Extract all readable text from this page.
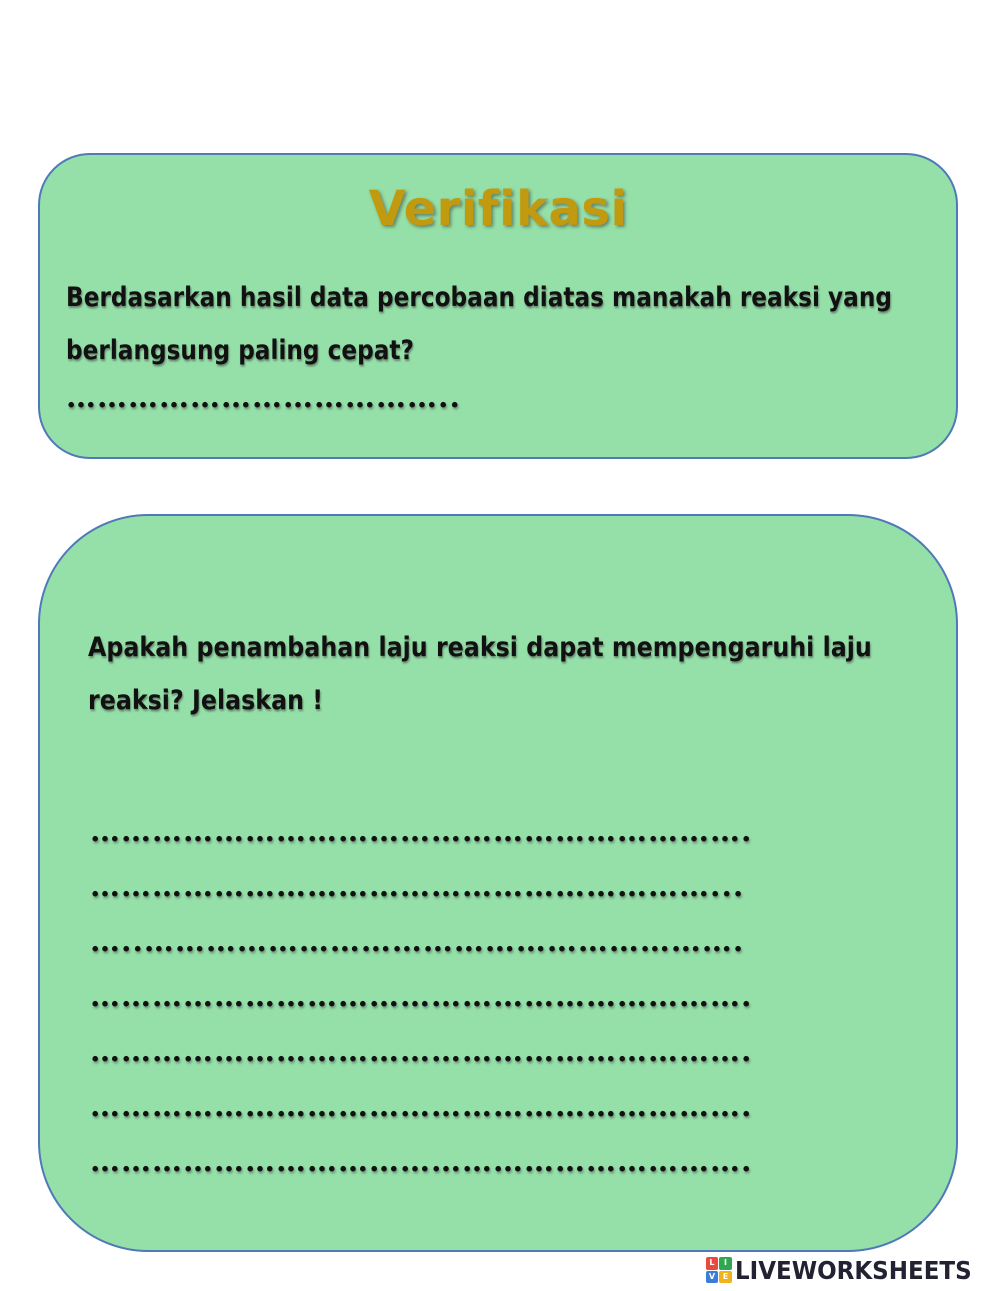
Verifikasi
Berdasarkan hasil data percobaan diatas manakah reaksi yang
berlangsung paling cepat?
………………………………..
Apakah penambahan laju reaksi dapat mempengaruhi laju
reaksi? Jelaskan !
……………………………………………………….
……………………………………………………...
…..………………………………………………….
……………………………………………………….
……………………………………………………….
……………………………………………………….
……………………………………………………….
L	I
V E LIVEWORKSHEETS
